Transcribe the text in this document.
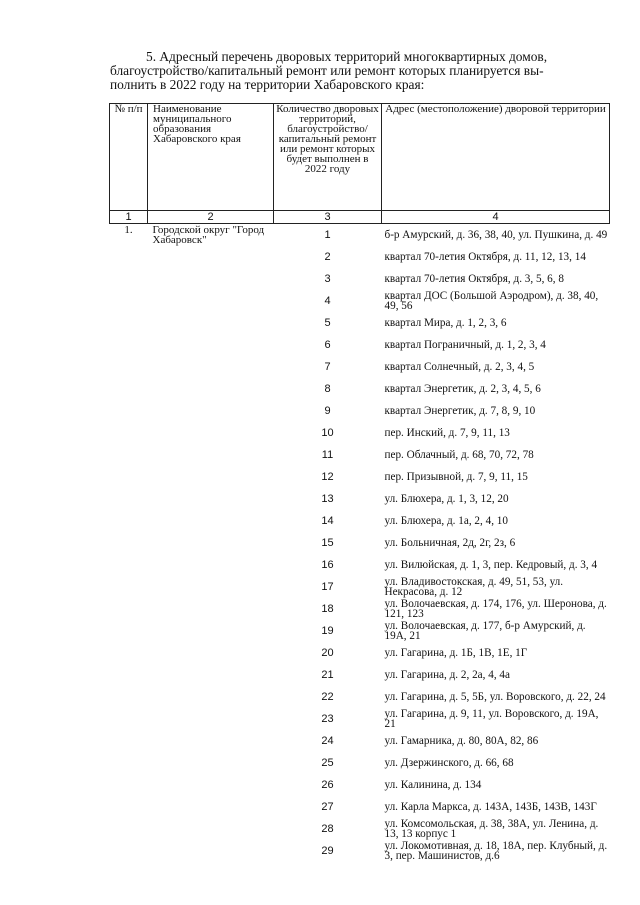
5. Адресный перечень дворовых территорий многоквартирных домов,

благоустройство/капитальный ремонт или ремонт которых планируется вы-

полнить в 2022 году на территории Хабаровского края:

№ п/п	Наименование муниципального образования Хабаровского края	Количество дворовых территорий, благоустройство/ капитальный ремонт или ремонт которых будет выполнен в 2022 году	Адрес (местоположение) дворовой территории
1	2	3	4
1.	Городской округ "Город Хабаровск"	1	б-р Амурский, д. 36, 38, 40, ул. Пушкина, д. 49
		2	квартал 70-летия Октября, д. 11, 12, 13, 14
		3	квартал 70-летия Октября, д. 3, 5, 6, 8
		4	квартал ДОС (Большой Аэродром), д. 38, 40, 49, 56
		5	квартал Мира, д. 1, 2, 3, 6
		6	квартал Пограничный, д. 1, 2, 3, 4
		7	квартал Солнечный, д. 2, 3, 4, 5
		8	квартал Энергетик, д. 2, 3, 4, 5, 6
		9	квартал Энергетик, д. 7, 8, 9, 10
		10	пер. Инский, д. 7, 9, 11, 13
		11	пер. Облачный, д. 68, 70, 72, 78
		12	пер. Призывной, д. 7, 9, 11, 15
		13	ул. Блюхера, д. 1, 3, 12, 20
		14	ул. Блюхера, д. 1а, 2, 4, 10
		15	ул. Больничная, 2д, 2г, 2з, 6
		16	ул. Вилюйская, д. 1, 3, пер. Кедровый, д. 3, 4
		17	ул. Владивостокская, д. 49, 51, 53, ул. Некрасова, д. 12
		18	ул. Волочаевская, д. 174, 176, ул. Шеронова, д. 121, 123
		19	ул. Волочаевская, д. 177, б-р Амурский, д. 19А, 21
		20	ул. Гагарина, д. 1Б, 1В, 1Е, 1Г
		21	ул. Гагарина, д. 2, 2а, 4, 4а
		22	ул. Гагарина, д. 5, 5Б, ул. Воровского, д. 22, 24
		23	ул. Гагарина, д. 9, 11, ул. Воровского, д. 19А, 21
		24	ул. Гамарника, д. 80, 80А, 82, 86
		25	ул. Дзержинского, д. 66, 68
		26	ул. Калинина, д. 134
		27	ул. Карла Маркса, д. 143А, 143Б, 143В, 143Г
		28	ул. Комсомольская, д. 38, 38А, ул. Ленина, д. 13, 13 корпус 1
		29	ул. Локомотивная, д. 18, 18А, пер. Клубный, д. 3, пер. Машинистов, д.6
